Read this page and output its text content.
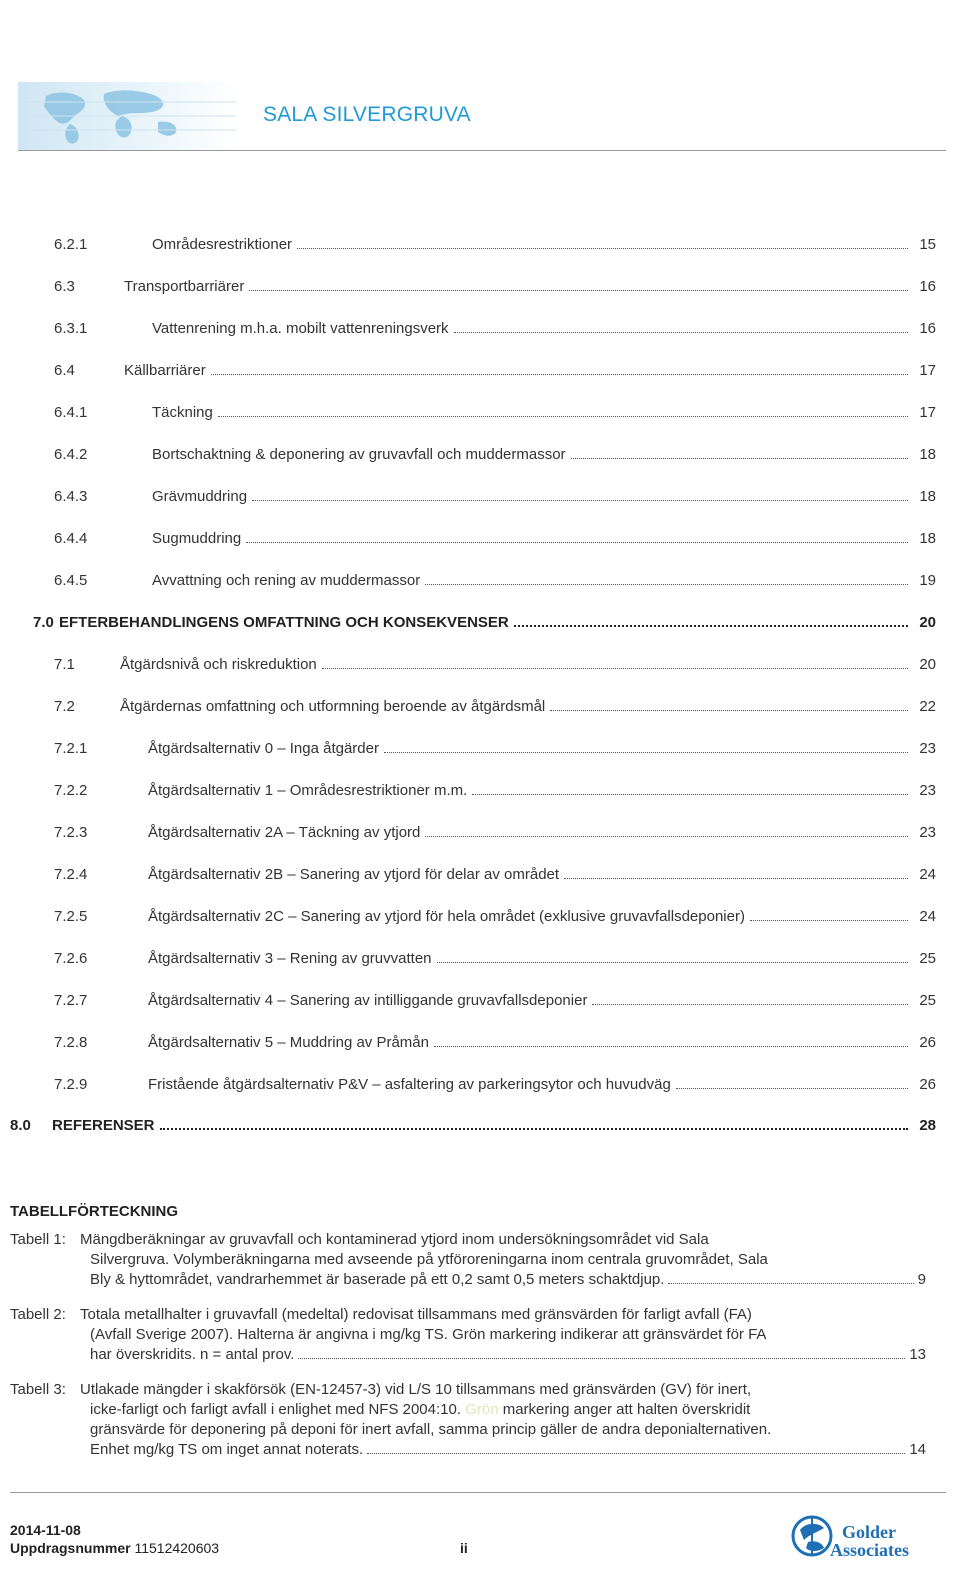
SALA SILVERGRUVA
6.2.1	Områdesrestriktioner	15
6.3	Transportbarriärer	16
6.3.1	Vattenrening m.h.a. mobilt vattenreningsverk	16
6.4	Källbarriärer	17
6.4.1	Täckning	17
6.4.2	Bortschaktning & deponering av gruvavfall och muddermassor	18
6.4.3	Grävmuddring	18
6.4.4	Sugmuddring	18
6.4.5	Avvattning och rening av muddermassor	19
7.0 EFTERBEHANDLINGENS OMFATTNING OCH KONSEKVENSER	20
7.1	Åtgärdsnivå och riskreduktion	20
7.2	Åtgärdernas omfattning och utformning beroende av åtgärdsmål	22
7.2.1	Åtgärdsalternativ 0 – Inga åtgärder	23
7.2.2	Åtgärdsalternativ 1 – Områdesrestriktioner m.m.	23
7.2.3	Åtgärdsalternativ 2A – Täckning av ytjord	23
7.2.4	Åtgärdsalternativ 2B – Sanering av ytjord för delar av området	24
7.2.5	Åtgärdsalternativ 2C – Sanering av ytjord för hela området (exklusive gruvavfallsdeponier)	24
7.2.6	Åtgärdsalternativ 3 – Rening av gruvvatten	25
7.2.7	Åtgärdsalternativ 4 – Sanering av intilliggande gruvavfallsdeponier	25
7.2.8	Åtgärdsalternativ 5 – Muddring av Pråmån	26
7.2.9	Fristående åtgärdsalternativ P&V – asfaltering av parkeringsytor och huvudväg	26
8.0 REFERENSER	28
TABELLFÖRTECKNING
Tabell 1: Mängdberäkningar av gruvavfall och kontaminerad ytjord inom undersökningsområdet vid Sala
Silvergruva. Volymberäkningarna med avseende på ytföroreningarna inom centrala gruvområdet, Sala
Bly & hyttområdet, vandrarhemmet är baserade på ett 0,2 samt 0,5 meters schaktdjup.	9
Tabell 2: Totala metallhalter i gruvavfall (medeltal) redovisat tillsammans med gränsvärden för farligt avfall (FA)
(Avfall Sverige 2007). Halterna är angivna i mg/kg TS. Grön markering indikerar att gränsvärdet för FA
har överskridits. n = antal prov.	13
Tabell 3: Utlakade mängder i skakförsök (EN-12457-3) vid L/S 10 tillsammans med gränsvärden (GV) för inert,
icke-farligt och farligt avfall i enlighet med NFS 2004:10. Grön markering anger att halten överskridit
gränsvärde för deponering på deponi för inert avfall, samma princip gäller de andra deponialternativen.
Enhet mg/kg TS om inget annat noterats.	14
2014-11-08
Uppdragsnummer 11512420603	ii
Golder
Associates
